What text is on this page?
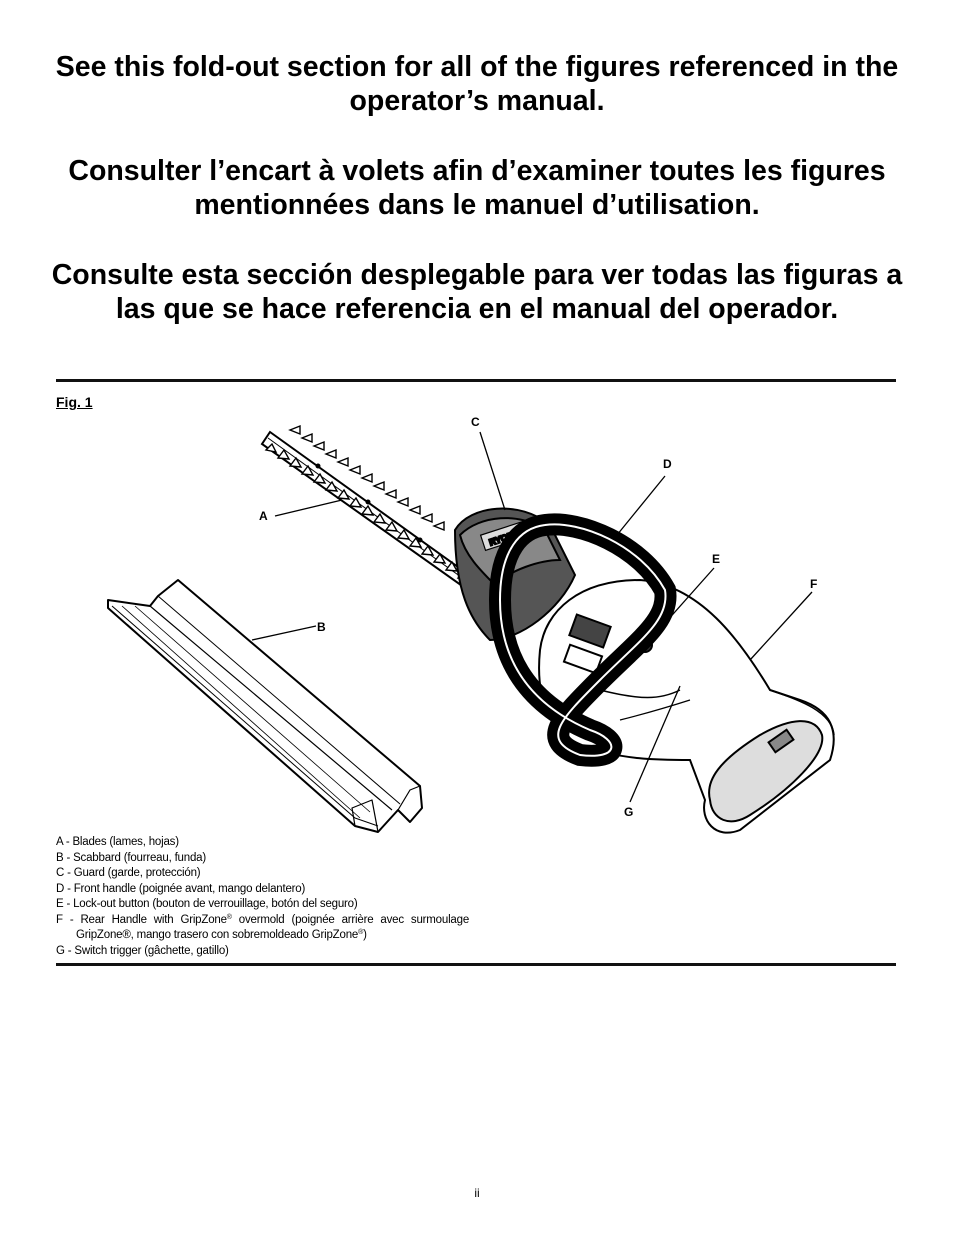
See this fold-out section for all of the figures referenced in the operator’s manual.

Consulter l’encart à volets afin d’examiner toutes les figures mentionnées dans le manuel d’utilisation.

Consulte esta sección desplegable para ver todas las figuras a las que se hace referencia en el manual del operador.

Fig. 1
RYOBI
A
B
C
D
E
F
G
A - Blades (lames, hojas)
B - Scabbard (fourreau, funda)
C - Guard (garde, protección)
D - Front handle (poignée avant, mango delantero)
E - Lock-out button (bouton de verrouillage, botón del seguro)
F - Rear Handle with GripZone® overmold (poignée arrière avec surmoulage
GripZone®, mango trasero con sobremoldeado GripZone®)
G - Switch trigger (gâchette, gatillo)
ii
